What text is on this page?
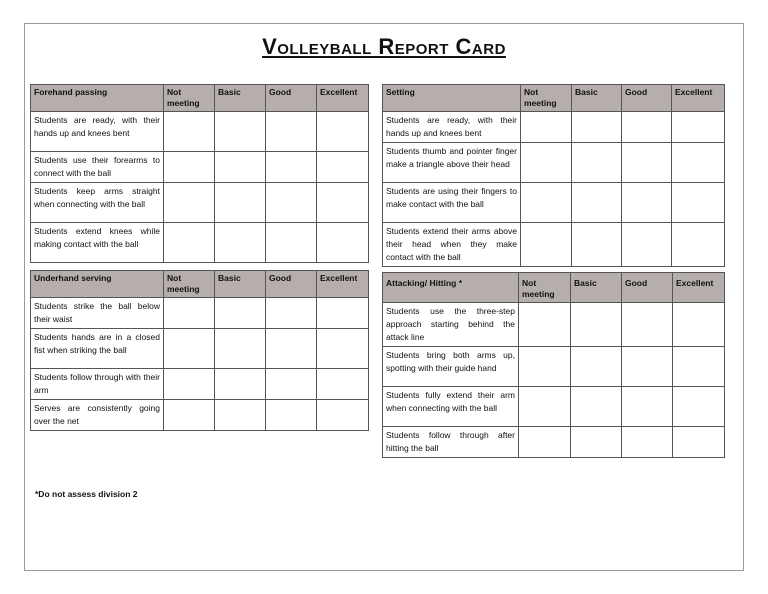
Volleyball Report Card
Forehand passing	Not meeting	Basic	Good	Excellent
Students are ready, with their hands up and knees bent				
Students use their forearms to connect with the ball				
Students keep arms straight when connecting with the ball				
Students extend knees while making contact with the ball				
Setting	Not meeting	Basic	Good	Excellent
Students are ready, with their hands up and knees bent				
Students thumb and pointer finger make a triangle above their head				
Students are using their fingers to make contact with the ball				
Students extend their arms above their head when they make contact with the ball				
Underhand serving	Not meeting	Basic	Good	Excellent
Students strike the ball below their waist				
Students hands are in a closed fist when striking the ball				
Students follow through with their arm				
Serves are consistently going over the net				
Attacking/ Hitting *	Not meeting	Basic	Good	Excellent
Students use the three-step approach starting behind the attack line				
Students bring both arms up, spotting with their guide hand				
Students fully extend their arm when connecting with the ball				
Students follow through after hitting the ball				
*Do not assess division 2
